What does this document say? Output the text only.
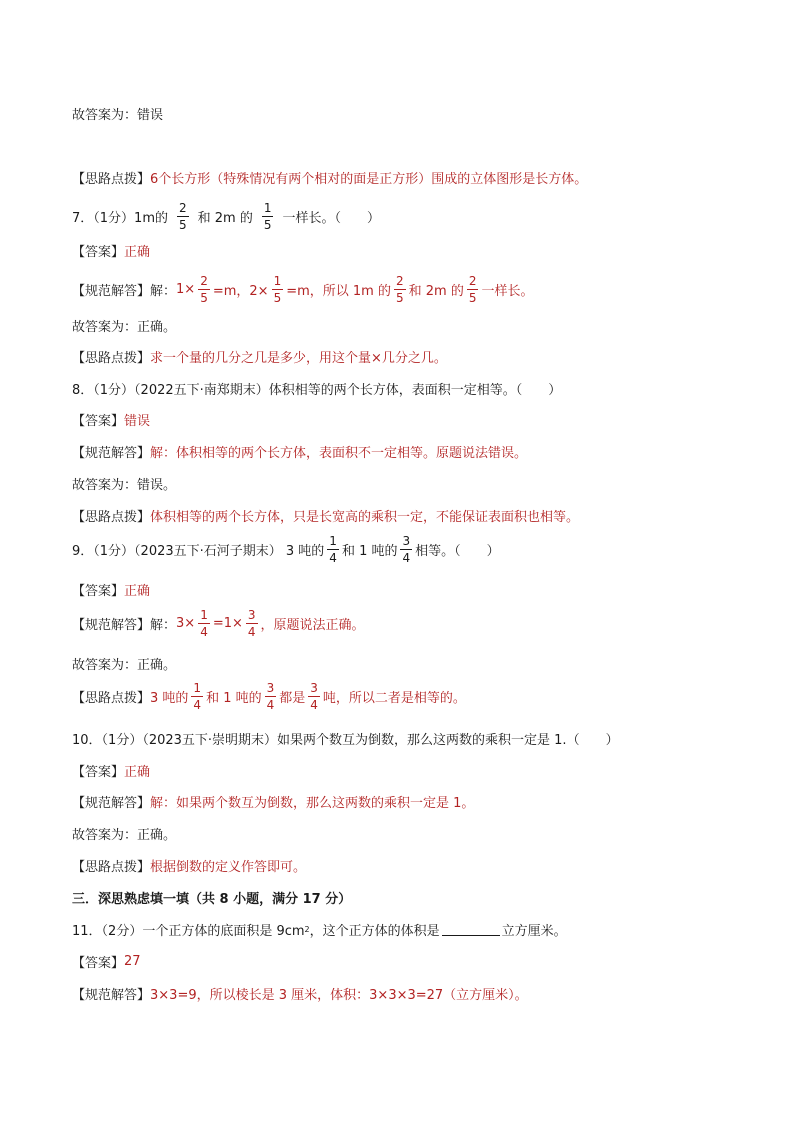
故答案为：错误
【思路点拨】 6个长方形（特殊情况有两个相对的面是正方形）围成的立体图形是长方体。
7．（1分）1m的 $\frac{2}{5}$ 和 2m 的 $\frac{1}{5}$ 一样长。（　　）
【答案】 正确
【规范解答】 解： $1\times \frac{2}{5} =m$，$2\times \frac{1}{5} =m$，所以 1m 的 $\frac{2}{5}$ 和 2m 的 $\frac{2}{5}$ 一样长。
故答案为：正确。
【思路点拨】 求一个量的几分之几是多少，用这个量×几分之几。
8．（1分）（2022五下·南郑期末）体积相等的两个长方体，表面积一定相等。（　　）
【答案】 错误
【规范解答】 解：体积相等的两个长方体，表面积不一定相等。原题说法错误。
故答案为：错误。
【思路点拨】 体积相等的两个长方体，只是长宽高的乘积一定，不能保证表面积也相等。
9．（1分）（2023五下·石河子期末） 3 吨的 $\frac{1}{4}$ 和 1 吨的 $\frac{3}{4}$ 相等。（　　）
【答案】 正确
【规范解答】 解： $3\times \frac{1}{4} =1\times \frac{3}{4}$ ，原题说法正确。
故答案为：正确。
【思路点拨】 3 吨的 $\frac{1}{4}$ 和 1 吨的 $\frac{3}{4}$ 都是 $\frac{3}{4}$ 吨，所以二者是相等的。
10．（1分）（2023五下·崇明期末）如果两个数互为倒数，那么这两数的乘积一定是 1.（　　）
【答案】 正确
【规范解答】 解：如果两个数互为倒数，那么这两数的乘积一定是 1。
故答案为：正确。
【思路点拨】 根据倒数的定义作答即可。
三．深思熟虑填一填（共 8 小题，满分 17 分）
11．（2分）一个正方体的底面积是 9cm 2 ，这个正方体的体积是	立方厘米。
【答案】 27
【规范解答】 3×3=9，所以棱长是 3 厘米，体积：3×3×3=27（立方厘米）。
